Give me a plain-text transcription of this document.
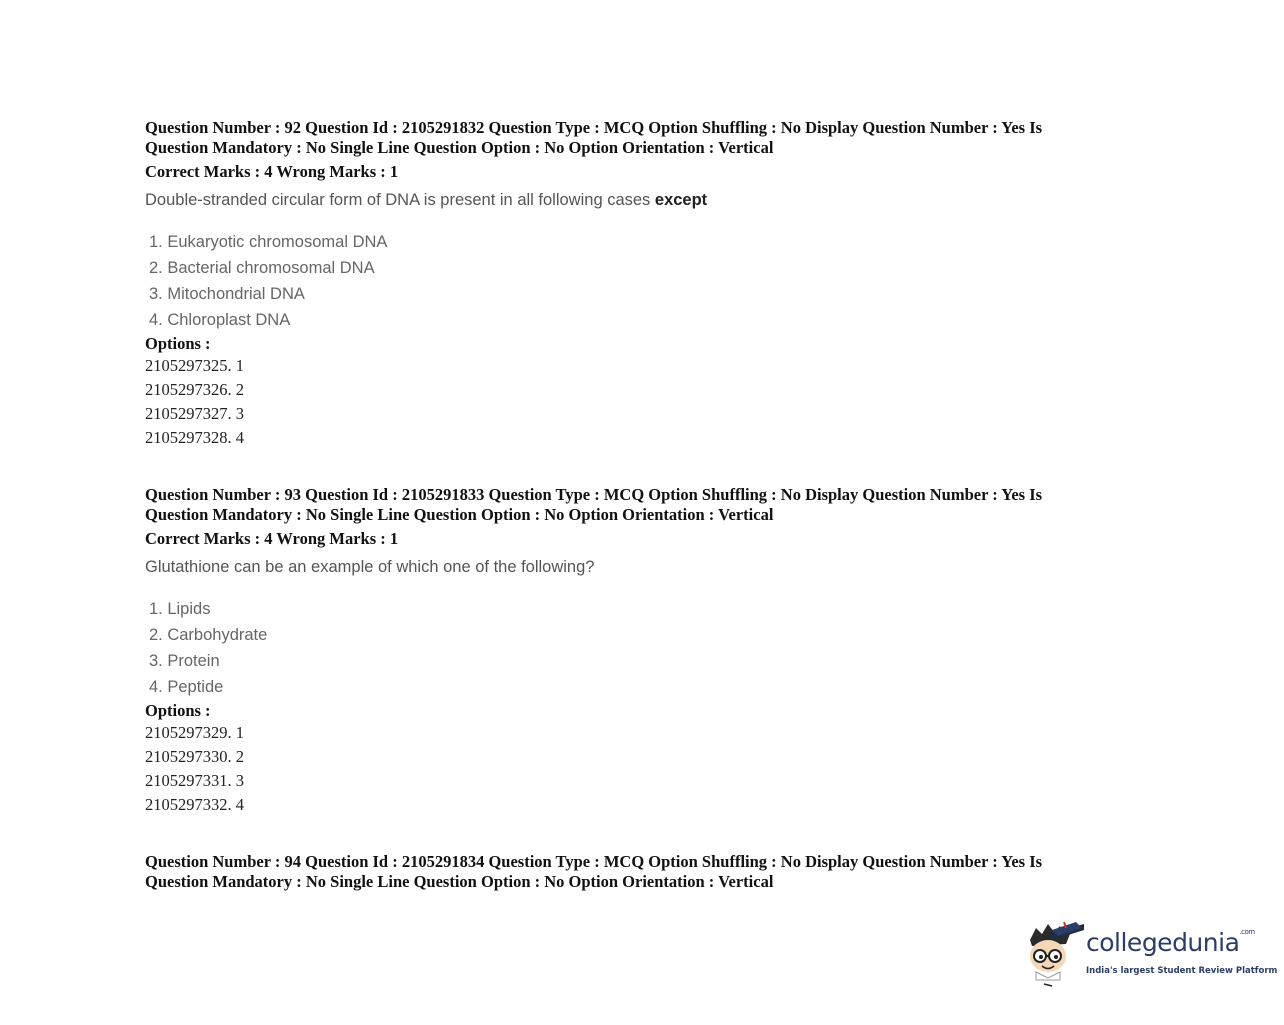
Question Number : 92 Question Id : 2105291832 Question Type : MCQ Option Shuffling : No Display Question Number : Yes Is
Question Mandatory : No Single Line Question Option : No Option Orientation : Vertical
Correct Marks : 4 Wrong Marks : 1
Double-stranded circular form of DNA is present in all following cases except
1. Eukaryotic chromosomal DNA
2. Bacterial chromosomal DNA
3. Mitochondrial DNA
4. Chloroplast DNA
Options :
2105297325. 1
2105297326. 2
2105297327. 3
2105297328. 4
Question Number : 93 Question Id : 2105291833 Question Type : MCQ Option Shuffling : No Display Question Number : Yes Is
Question Mandatory : No Single Line Question Option : No Option Orientation : Vertical
Correct Marks : 4 Wrong Marks : 1
Glutathione can be an example of which one of the following?
1. Lipids
2. Carbohydrate
3. Protein
4. Peptide
Options :
2105297329. 1
2105297330. 2
2105297331. 3
2105297332. 4
Question Number : 94 Question Id : 2105291834 Question Type : MCQ Option Shuffling : No Display Question Number : Yes Is
Question Mandatory : No Single Line Question Option : No Option Orientation : Vertical
collegedunia$^{.com}$
India's largest Student Review Platform
